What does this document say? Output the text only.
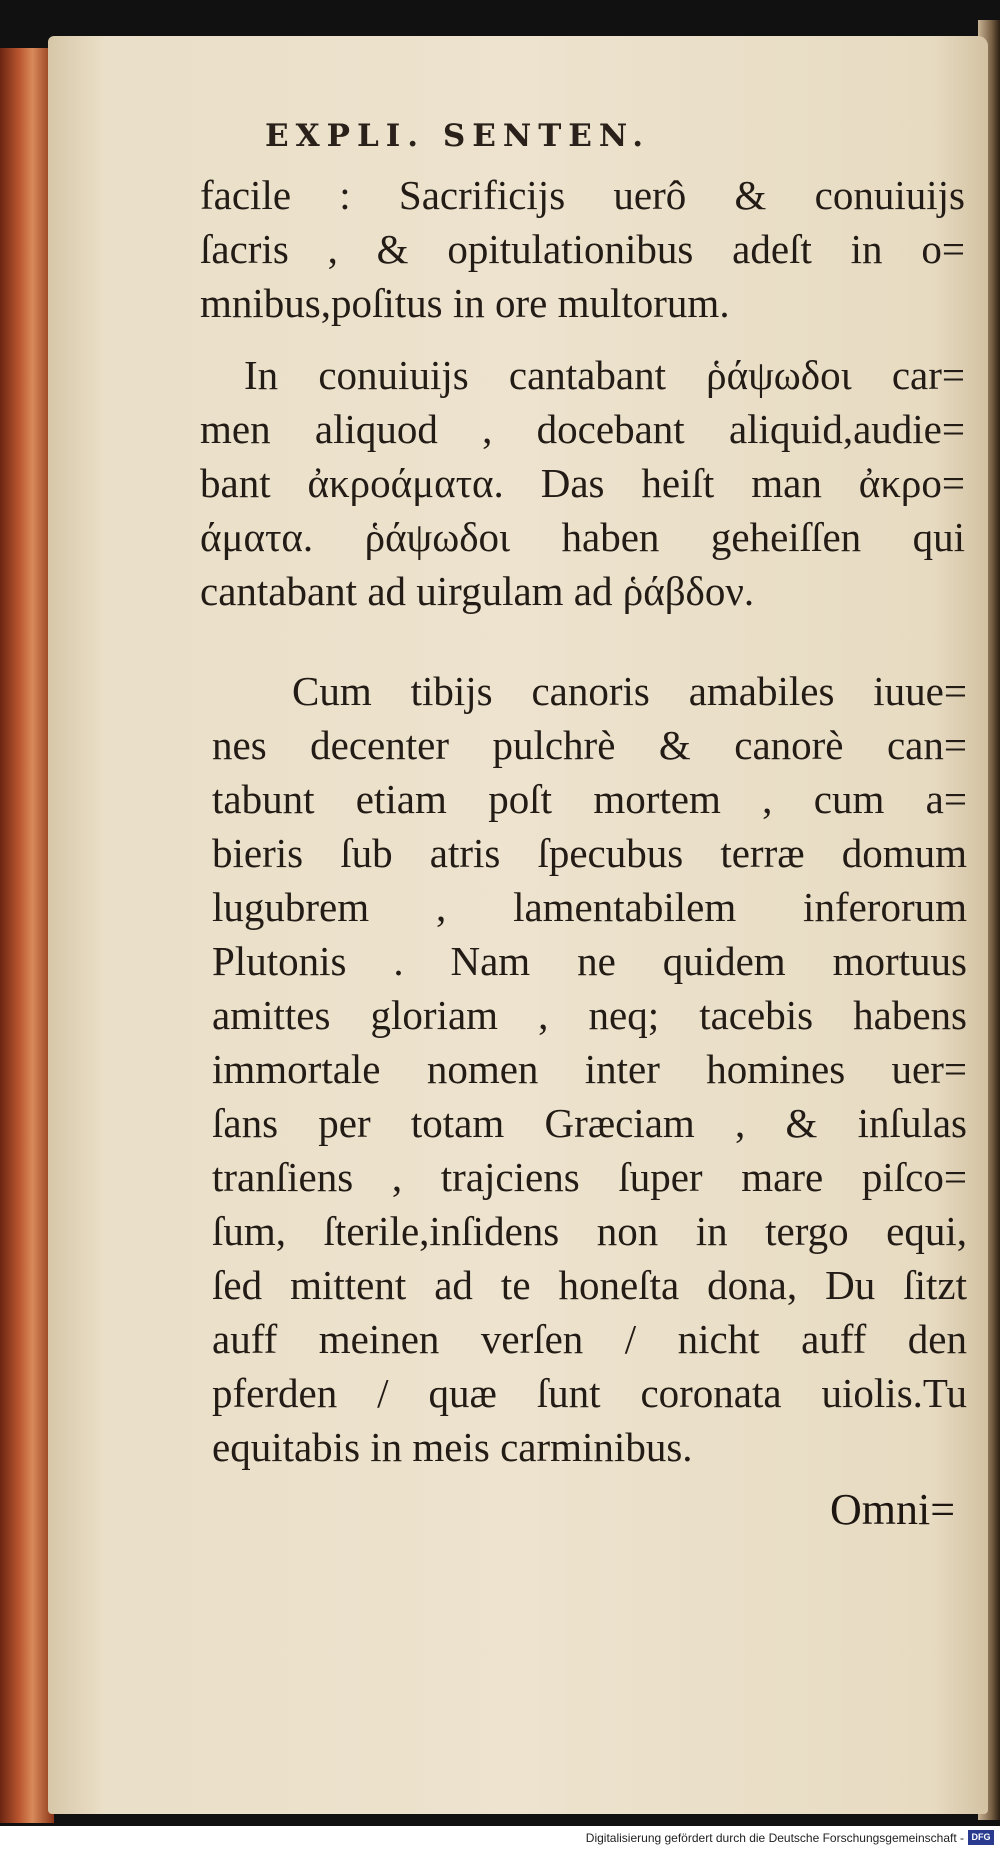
EXPLI. SENTEN.
facile : Sacrificijs uerô & conuiuijs
ſacris , & opitulationibus adeſt in o=
mnibus,poſitus in ore multorum.
In conuiuijs cantabant ῥάψωδοι car=
men aliquod , docebant aliquid,audie=
bant ἀκροάματα. Das heiſt man ἀκρο=
άματα. ῥάψωδοι haben geheiſſen qui
cantabant ad uirgulam ad ῥάβδον.
Cum tibijs canoris amabiles iuue=
nes decenter pulchrè & canorè can=
tabunt etiam poſt mortem , cum a=
bieris ſub atris ſpecubus terræ domum
lugubrem , lamentabilem inferorum
Plutonis . Nam ne quidem mortuus
amittes gloriam , neq; tacebis habens
immortale nomen inter homines uer=
ſans per totam Græciam , & inſulas
tranſiens , trajciens ſuper mare piſco=
ſum, ſterile,inſidens non in tergo equi,
ſed mittent ad te honeſta dona, Du ſitzt
auff meinen verſen / nicht auff den
pferden / quæ ſunt coronata uiolis.Tu
equitabis in meis carminibus.
Omni=
Digitalisierung gefördert durch die Deutsche Forschungsgemeinschaft - DFG
